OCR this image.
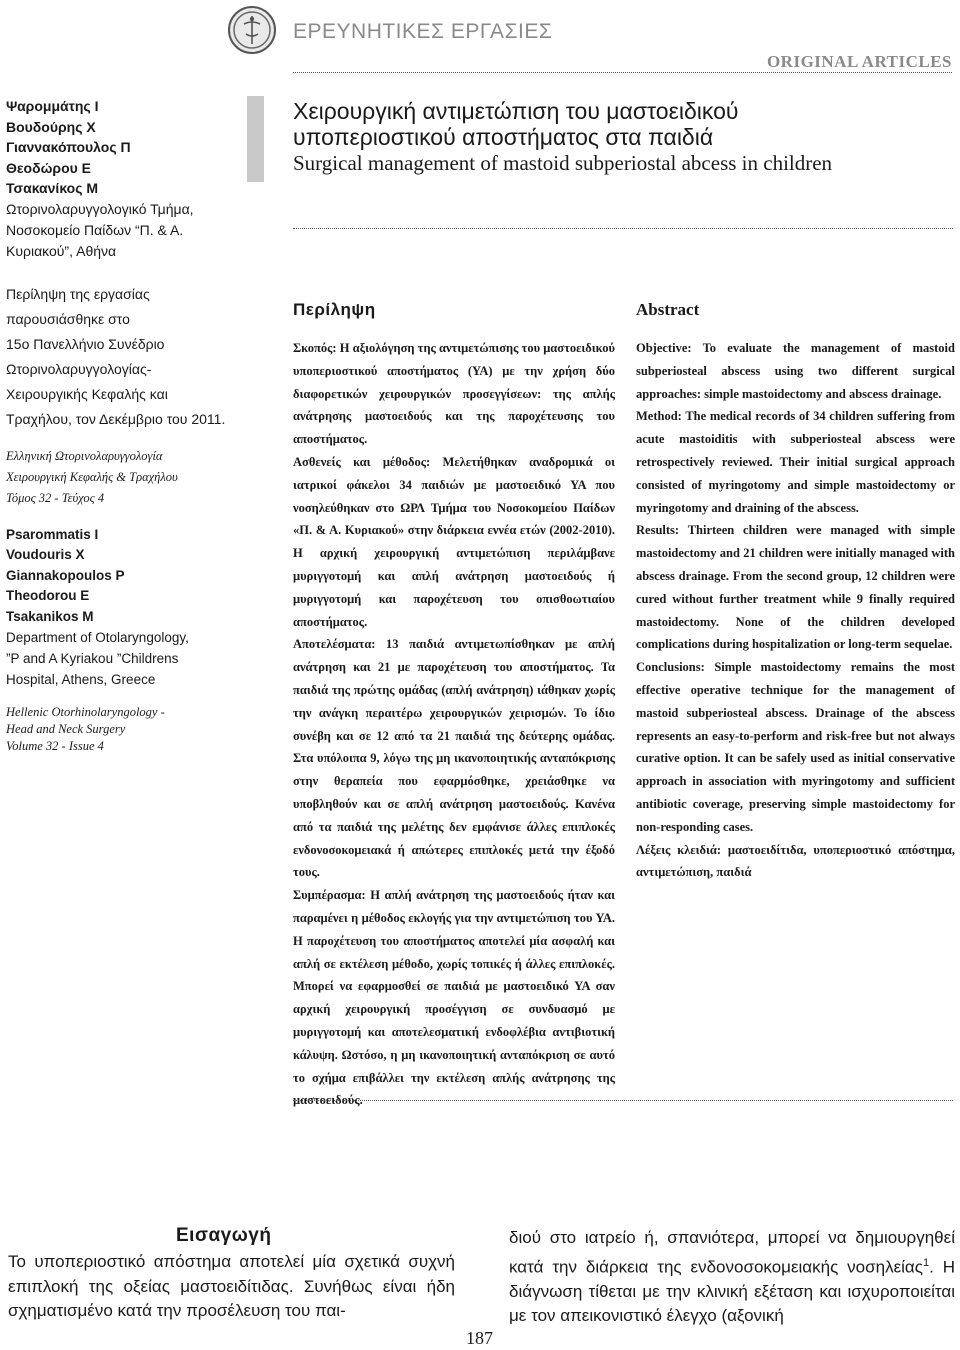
ΕΡΕΥΝΗΤΙΚΕΣ ΕΡΓΑΣΙΕΣ
ORIGINAL ARTICLES
Ψαρομμάτης Ι
Βουδούρης Χ
Γιαννακόπουλος Π
Θεοδώρου Ε
Τσακανίκος Μ
Ωτορινολαρυγγολογικό Τμήμα,
Νοσοκομείο Παίδων “Π. & Α.
Κυριακού”, Αθήνα
Περίληψη της εργασίας
παρουσιάσθηκε στο
15ο Πανελλήνιο Συνέδριο
Ωτορινολαρυγγολογίας-
Χειρουργικής Κεφαλής και
Τραχήλου, τον Δεκέμβριο του 2011.
Ελληνική Ωτορινολαρυγγολογία
Χειρουργική Κεφαλής & Τραχήλου
Τόμος 32 - Τεύχος 4
Psarommatis I
Voudouris X
Giannakopoulos P
Theodorou E
Tsakanikos M
Department of Otolaryngology,
”P and A Kyriakou ”Childrens
Hospital, Athens, Greece
Hellenic Otorhinolaryngology -
Head and Neck Surgery
Volume 32 - Issue 4
Χειρουργική αντιμετώπιση του μαστοειδικού
υποπεριοστικού αποστήματος στα παιδιά
Surgical management of mastoid subperiostal abcess in children
Περίληψη	Abstract
Σκοπός: Η αξιολόγηση της αντιμετώπισης του μαστοειδικού υποπεριοστικού αποστήματος (ΥΑ) με την χρήση δύο διαφορετικών χειρουργικών προσεγγίσεων: της απλής ανάτρησης μαστοειδούς και της παροχέτευσης του αποστήματος.
Ασθενείς και μέθοδος: Μελετήθηκαν αναδρομικά οι ιατρικοί φάκελοι 34 παιδιών με μαστοειδικό ΥΑ που νοσηλεύθηκαν στο ΩΡΛ Τμήμα του Νοσοκομείου Παίδων «Π. & Α. Κυριακού» στην διάρκεια εννέα ετών (2002-2010). Η αρχική χειρουργική αντιμετώπιση περιλάμβανε μυριγγοτομή και απλή ανάτρηση μαστοειδούς ή μυριγγοτομή και παροχέτευση του οπισθοωτιαίου αποστήματος.
Αποτελέσματα: 13 παιδιά αντιμετωπίσθηκαν με απλή ανάτρηση και 21 με παροχέτευση του αποστήματος. Τα παιδιά της πρώτης ομάδας (απλή ανάτρηση) ιάθηκαν χωρίς την ανάγκη περαιτέρω χειρουργικών χειρισμών. Το ίδιο συνέβη και σε 12 από τα 21 παιδιά της δεύτερης ομάδας. Στα υπόλοιπα 9, λόγω της μη ικανοποιητικής ανταπόκρισης στην θεραπεία που εφαρμόσθηκε, χρειάσθηκε να υποβληθούν και σε απλή ανάτρηση μαστοειδούς. Κανένα από τα παιδιά της μελέτης δεν εμφάνισε άλλες επιπλοκές ενδονοσοκομειακά ή απώτερες επιπλοκές μετά την έξοδό τους.
Συμπέρασμα: Η απλή ανάτρηση της μαστοειδούς ήταν και παραμένει η μέθοδος εκλογής για την αντιμετώπιση του ΥΑ. Η παροχέτευση του αποστήματος αποτελεί μία ασφαλή και απλή σε εκτέλεση μέθοδο, χωρίς τοπικές ή άλλες επιπλοκές. Μπορεί να εφαρμοσθεί σε παιδιά με μαστοειδικό ΥΑ σαν αρχική χειρουργική προσέγγιση σε συνδυασμό με μυριγγοτομή και αποτελεσματική ενδοφλέβια αντιβιοτική κάλυψη. Ωστόσο, η μη ικανοποιητική ανταπόκριση σε αυτό το σχήμα επιβάλλει την εκτέλεση απλής ανάτρησης της μαστοειδούς.
Objective: To evaluate the management of mastoid subperiosteal abscess using two different surgical approaches: simple mastoidectomy and abscess drainage.
Method: The medical records of 34 children suffering from acute mastoiditis with subperiosteal abscess were retrospectively reviewed. Their initial surgical approach consisted of myringotomy and simple mastoidectomy or myringotomy and draining of the abscess.
Results: Thirteen children were managed with simple mastoidectomy and 21 children were initially managed with abscess drainage. From the second group, 12 children were cured without further treatment while 9 finally required mastoidectomy. None of the children developed complications during hospitalization or long-term sequelae.
Conclusions: Simple mastoidectomy remains the most effective operative technique for the management of mastoid subperiosteal abscess. Drainage of the abscess represents an easy-to-perform and risk-free but not always curative option. It can be safely used as initial conservative approach in association with myringotomy and sufficient antibiotic coverage, preserving simple mastoidectomy for non-responding cases.
Λέξεις κλειδιά: μαστοειδίτιδα, υποπεριοστικό απόστημα, αντιμετώπιση, παιδιά
Εισαγωγή
Το υποπεριοστικό απόστημα αποτελεί μία σχετικά συχνή επιπλοκή της οξείας μαστοειδίτιδας. Συνήθως είναι ήδη σχηματισμένο κατά την προσέλευση του παι-
διού στο ιατρείο ή, σπανιότερα, μπορεί να δημιουργηθεί κατά την διάρκεια της ενδονοσοκομειακής νοσηλείας$^1$. Η διάγνωση τίθεται με την κλινική εξέταση και ισχυροποιείται με τον απεικονιστικό έλεγχο (αξονική
187
